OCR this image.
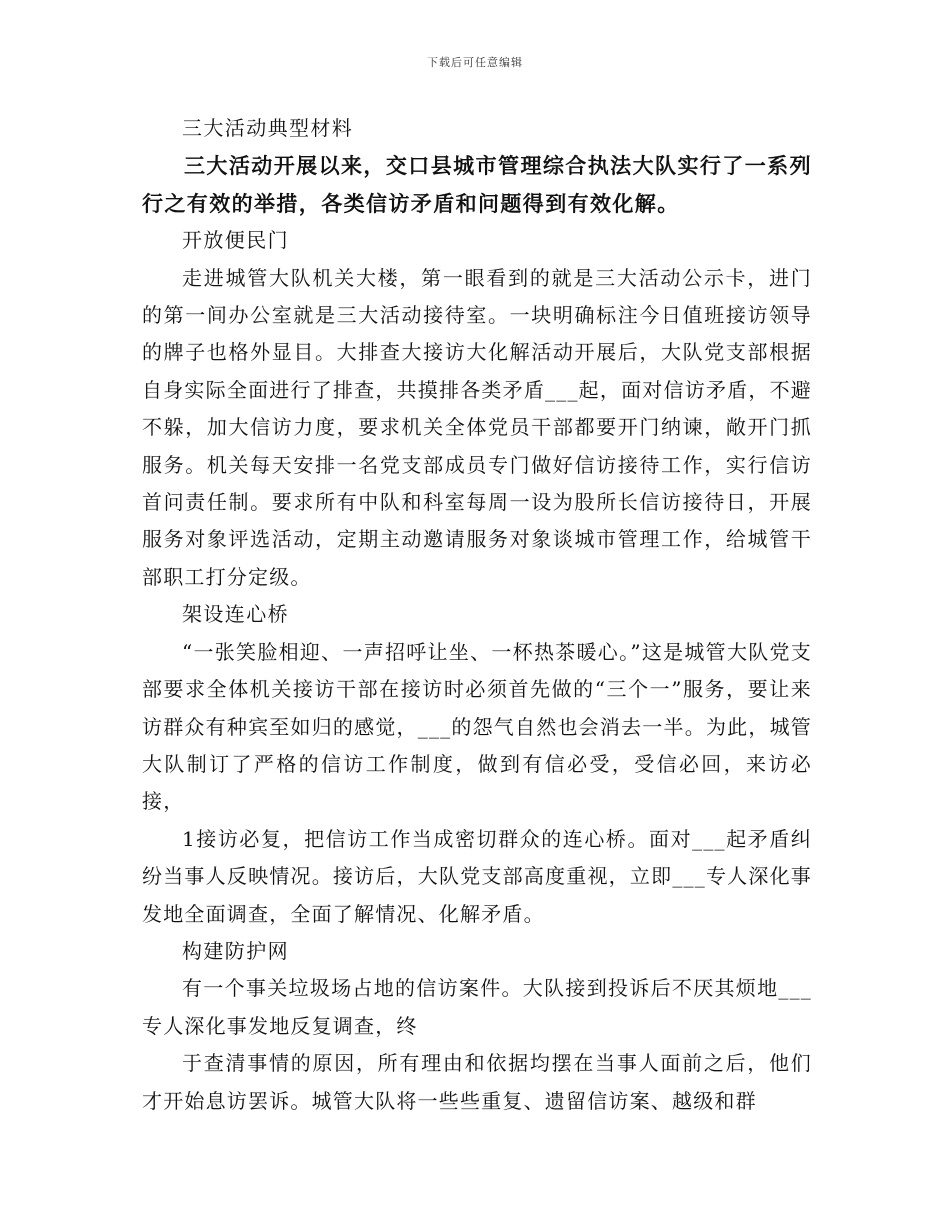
下载后可任意编辑

三大活动典型材料

三大活动开展以来，交口县城市管理综合执法大队实行了一系列行之有效的举措，各类信访矛盾和问题得到有效化解。

开放便民门

走进城管大队机关大楼，第一眼看到的就是三大活动公示卡，进门的第一间办公室就是三大活动接待室。一块明确标注今日值班接访领导的牌子也格外显目。大排查大接访大化解活动开展后，大队党支部根据自身实际全面进行了排查，共摸排各类矛盾___起，面对信访矛盾，不避不躲，加大信访力度，要求机关全体党员干部都要开门纳谏，敞开门抓服务。机关每天安排一名党支部成员专门做好信访接待工作，实行信访首问责任制。要求所有中队和科室每周一设为股所长信访接待日，开展服务对象评选活动，定期主动邀请服务对象谈城市管理工作，给城管干部职工打分定级。

架设连心桥

“一张笑脸相迎、一声招呼让坐、一杯热茶暖心。”这是城管大队党支部要求全体机关接访干部在接访时必须首先做的“三个一”服务，要让来访群众有种宾至如归的感觉，___的怨气自然也会消去一半。为此，城管大队制订了严格的信访工作制度，做到有信必受，受信必回，来访必接，

1接访必复，把信访工作当成密切群众的连心桥。面对___起矛盾纠纷当事人反映情况。接访后，大队党支部高度重视，立即___专人深化事发地全面调查，全面了解情况、化解矛盾。

构建防护网

有一个事关垃圾场占地的信访案件。大队接到投诉后不厌其烦地___专人深化事发地反复调查，终

于查清事情的原因，所有理由和依据均摆在当事人面前之后，他们才开始息访罢诉。城管大队将一些些重复、遗留信访案、越级和群
